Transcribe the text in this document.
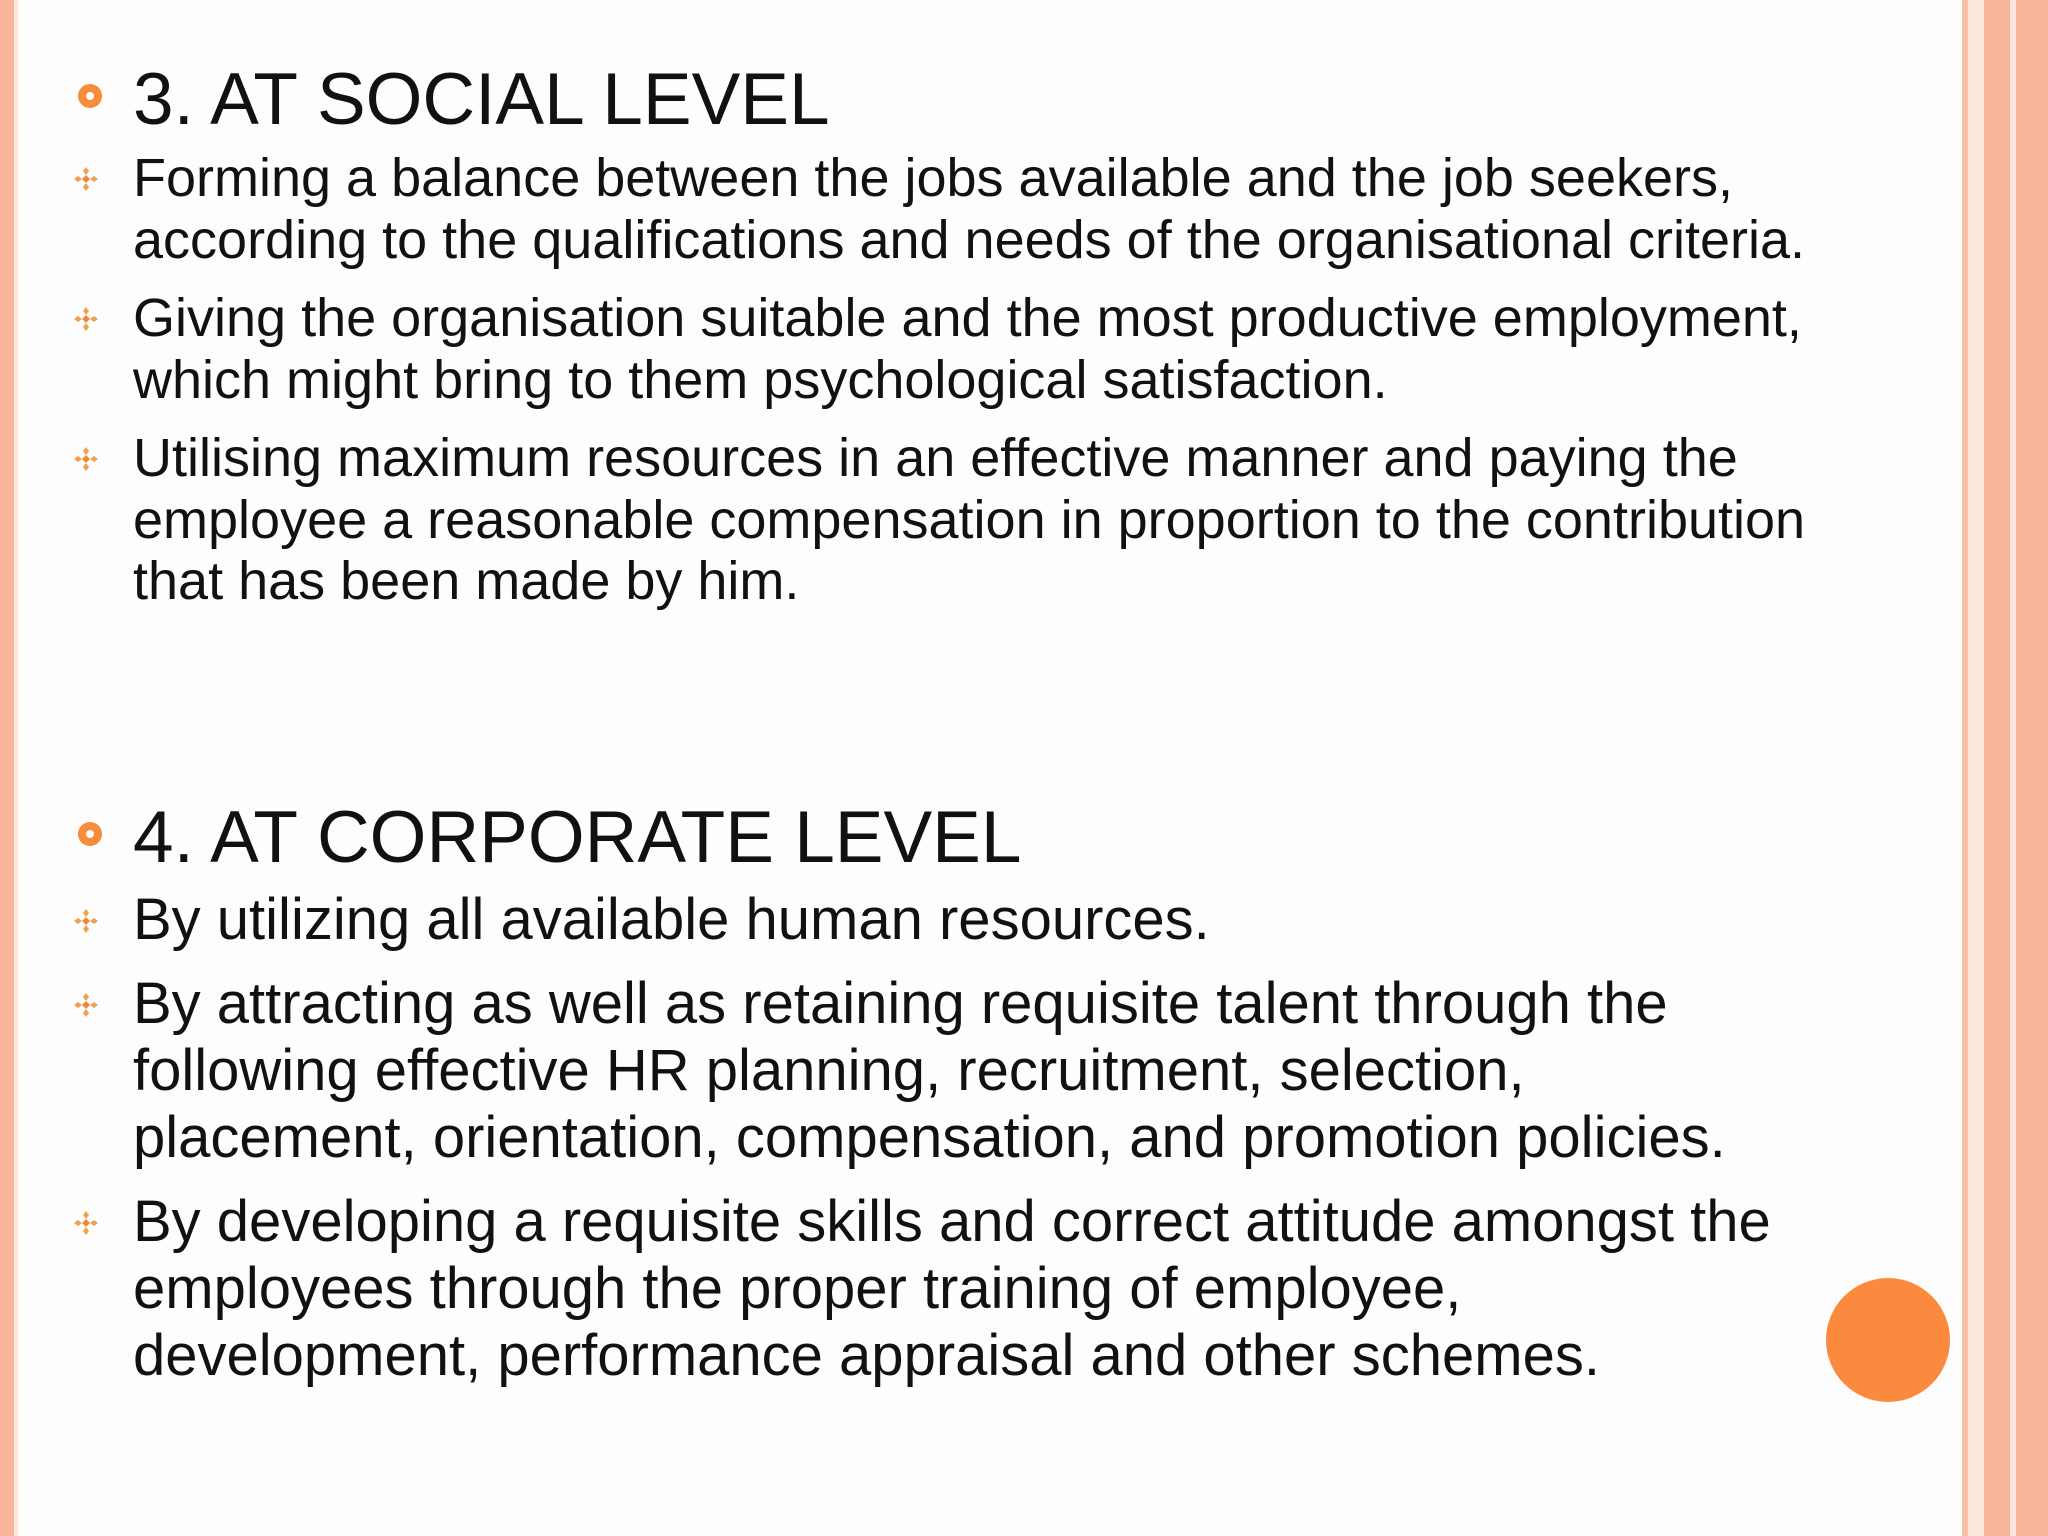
3. AT SOCIAL LEVEL
Forming a balance between the jobs available and the job seekers, according to the qualifications and needs of the organisational criteria.
Giving the organisation suitable and the most productive employment, which might bring to them psychological satisfaction.
Utilising maximum resources in an effective manner and paying the employee a reasonable compensation in proportion to the contribution that has been made by him.
4. AT CORPORATE LEVEL
By utilizing all available human resources.
By attracting as well as retaining requisite talent through the following effective HR planning, recruitment, selection, placement, orientation, compensation, and promotion policies.
By developing a requisite skills and correct attitude amongst the employees through the proper training of employee, development, performance appraisal and other schemes.
